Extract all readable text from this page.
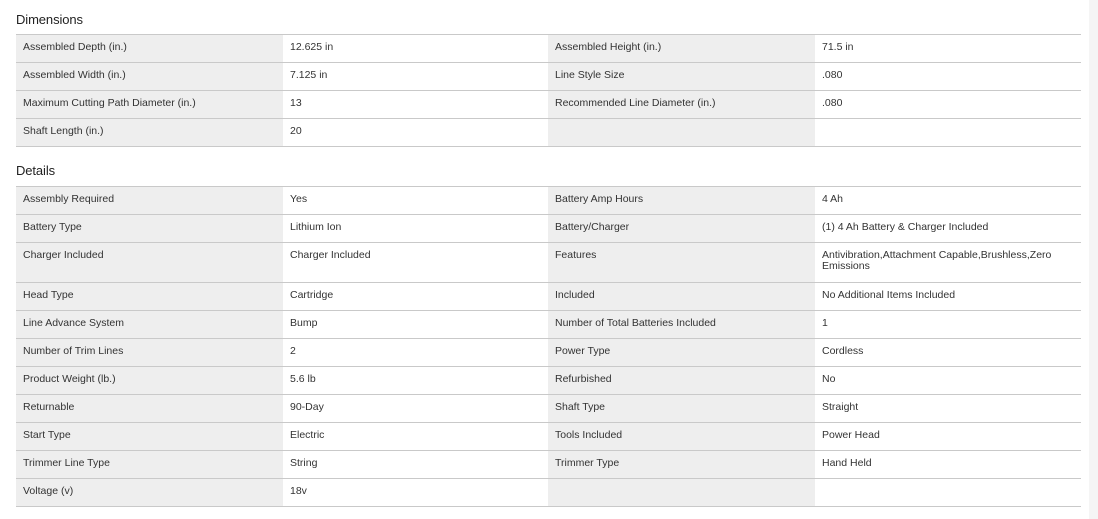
Dimensions
Assembled Depth (in.)	12.625 in	Assembled Height (in.)	71.5 in
Assembled Width (in.)	7.125 in	Line Style Size	.080
Maximum Cutting Path Diameter (in.)	13	Recommended Line Diameter (in.)	.080
Shaft Length (in.)	20		
Details
Assembly Required	Yes	Battery Amp Hours	4 Ah
Battery Type	Lithium Ion	Battery/Charger	(1) 4 Ah Battery & Charger Included
Charger Included	Charger Included	Features	Antivibration,Attachment Capable,Brushless,Zero Emissions
Head Type	Cartridge	Included	No Additional Items Included
Line Advance System	Bump	Number of Total Batteries Included	1
Number of Trim Lines	2	Power Type	Cordless
Product Weight (lb.)	5.6 lb	Refurbished	No
Returnable	90-Day	Shaft Type	Straight
Start Type	Electric	Tools Included	Power Head
Trimmer Line Type	String	Trimmer Type	Hand Held
Voltage (v)	18v		
